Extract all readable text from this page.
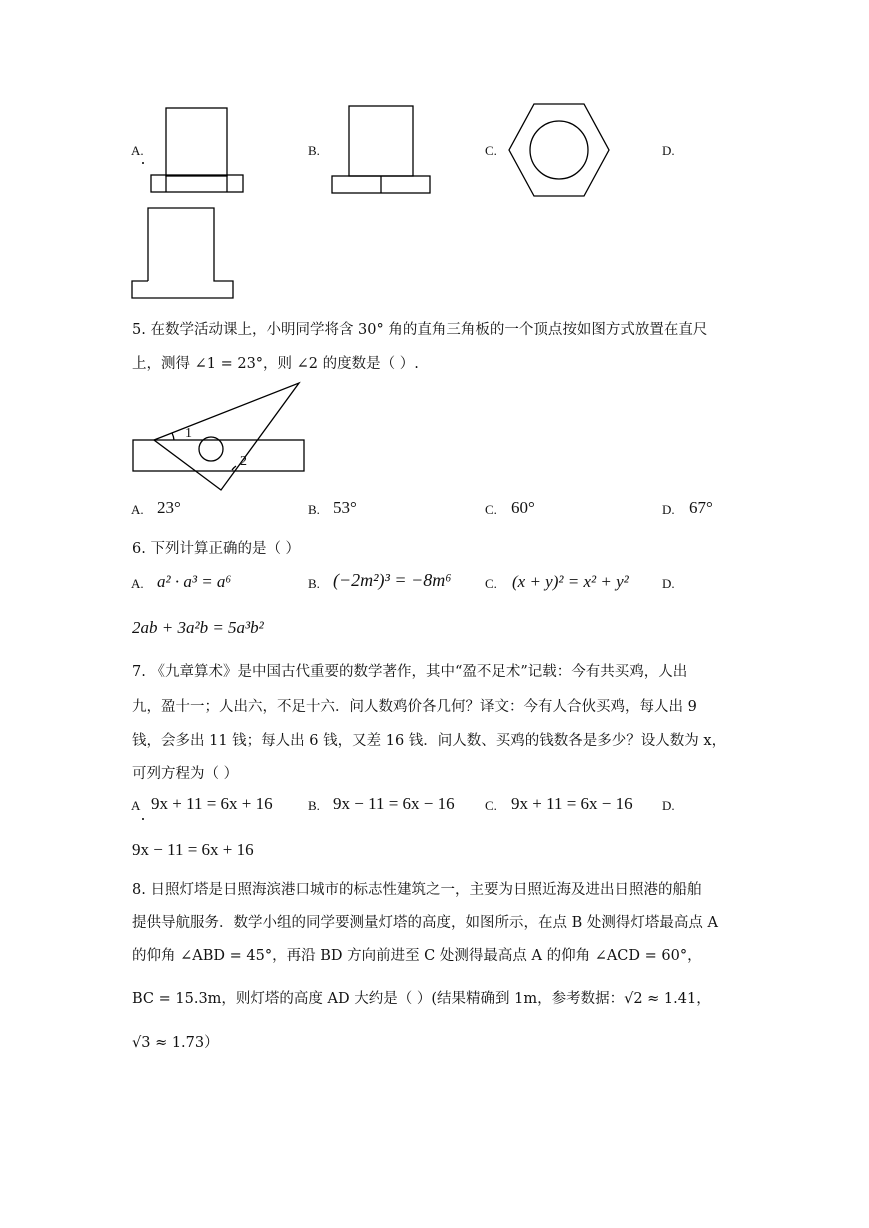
A.	B.	C.	D.
5. 在数学活动课上，小明同学将含 30° 角的直角三角板的一个顶点按如图方式放置在直尺
上，测得 ∠1 = 23°，则 ∠2 的度数是（ ）.
1
2
A. 23°	B. 53°	C. 60°	D. 67°
6. 下列计算正确的是（ ）
A. a² · a³ = a⁶	B. (−2m²)³ = −8m⁶	C. (x + y)² = x² + y²	D.
2ab + 3a²b = 5a³b²
7. 《九章算术》是中国古代重要的数学著作，其中“盈不足术”记载：今有共买鸡，人出
九，盈十一；人出六，不足十六．问人数鸡价各几何？译文：今有人合伙买鸡，每人出 9
钱，会多出 11 钱；每人出 6 钱，又差 16 钱．问人数、买鸡的钱数各是多少？设人数为 x，
可列方程为（ ）
A 9x + 11 = 6x + 16	B. 9x − 11 = 6x − 16 C. 9x + 11 = 6x − 16 D.
9x − 11 = 6x + 16
8. 日照灯塔是日照海滨港口城市的标志性建筑之一，主要为日照近海及进出日照港的船舶
提供导航服务．数学小组的同学要测量灯塔的高度，如图所示，在点 B 处测得灯塔最高点 A
的仰角 ∠ABD = 45°，再沿 BD 方向前进至 C 处测得最高点 A 的仰角 ∠ACD = 60°，
BC = 15.3m，则灯塔的高度 AD 大约是（ ）(结果精确到 1m，参考数据：√2 ≈ 1.41，
√3 ≈ 1.73）
